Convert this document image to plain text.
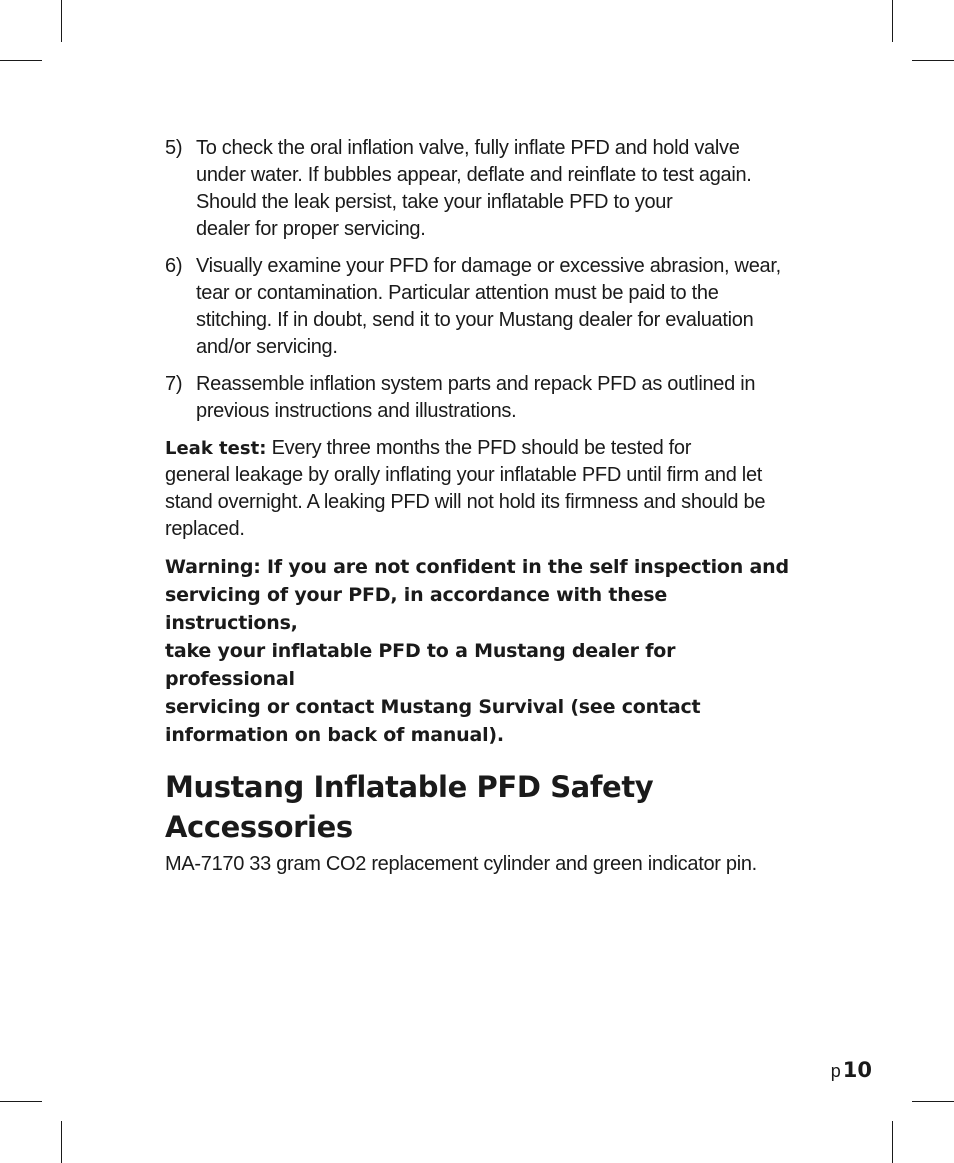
5) To check the oral inflation valve, fully inflate PFD and hold valve
under water. If bubbles appear, deflate and reinflate to test again.
Should the leak persist, take your inflatable PFD to your
dealer for proper servicing.
6) Visually examine your PFD for damage or excessive abrasion, wear,
tear or contamination. Particular attention must be paid to the
stitching. If in doubt, send it to your Mustang dealer for evaluation
and/or servicing.
7) Reassemble inflation system parts and repack PFD as outlined in
previous instructions and illustrations.
Leak test: Every three months the PFD should be tested for
general leakage by orally inflating your inflatable PFD until firm and let
stand overnight. A leaking PFD will not hold its firmness and should be
replaced.
Warning: If you are not confident in the self inspection and
servicing of your PFD, in accordance with these
instructions,
take your inflatable PFD to a Mustang dealer for
professional
servicing or contact Mustang Survival (see contact
information on back of manual).
Mustang Inflatable PFD Safety Accessories
MA-7170 33 gram CO2 replacement cylinder and green indicator pin.
p10
